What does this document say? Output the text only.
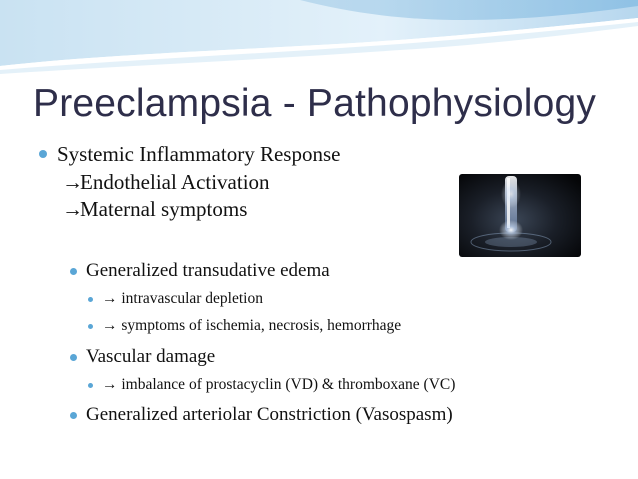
Preeclampsia - Pathophysiology
Systemic Inflammatory Response
→Endothelial Activation
→Maternal symptoms
Generalized transudative edema
→ intravascular depletion
→ symptoms of ischemia, necrosis, hemorrhage
Vascular damage
→ imbalance of prostacyclin (VD) & thromboxane (VC)
Generalized arteriolar Constriction (Vasospasm)
